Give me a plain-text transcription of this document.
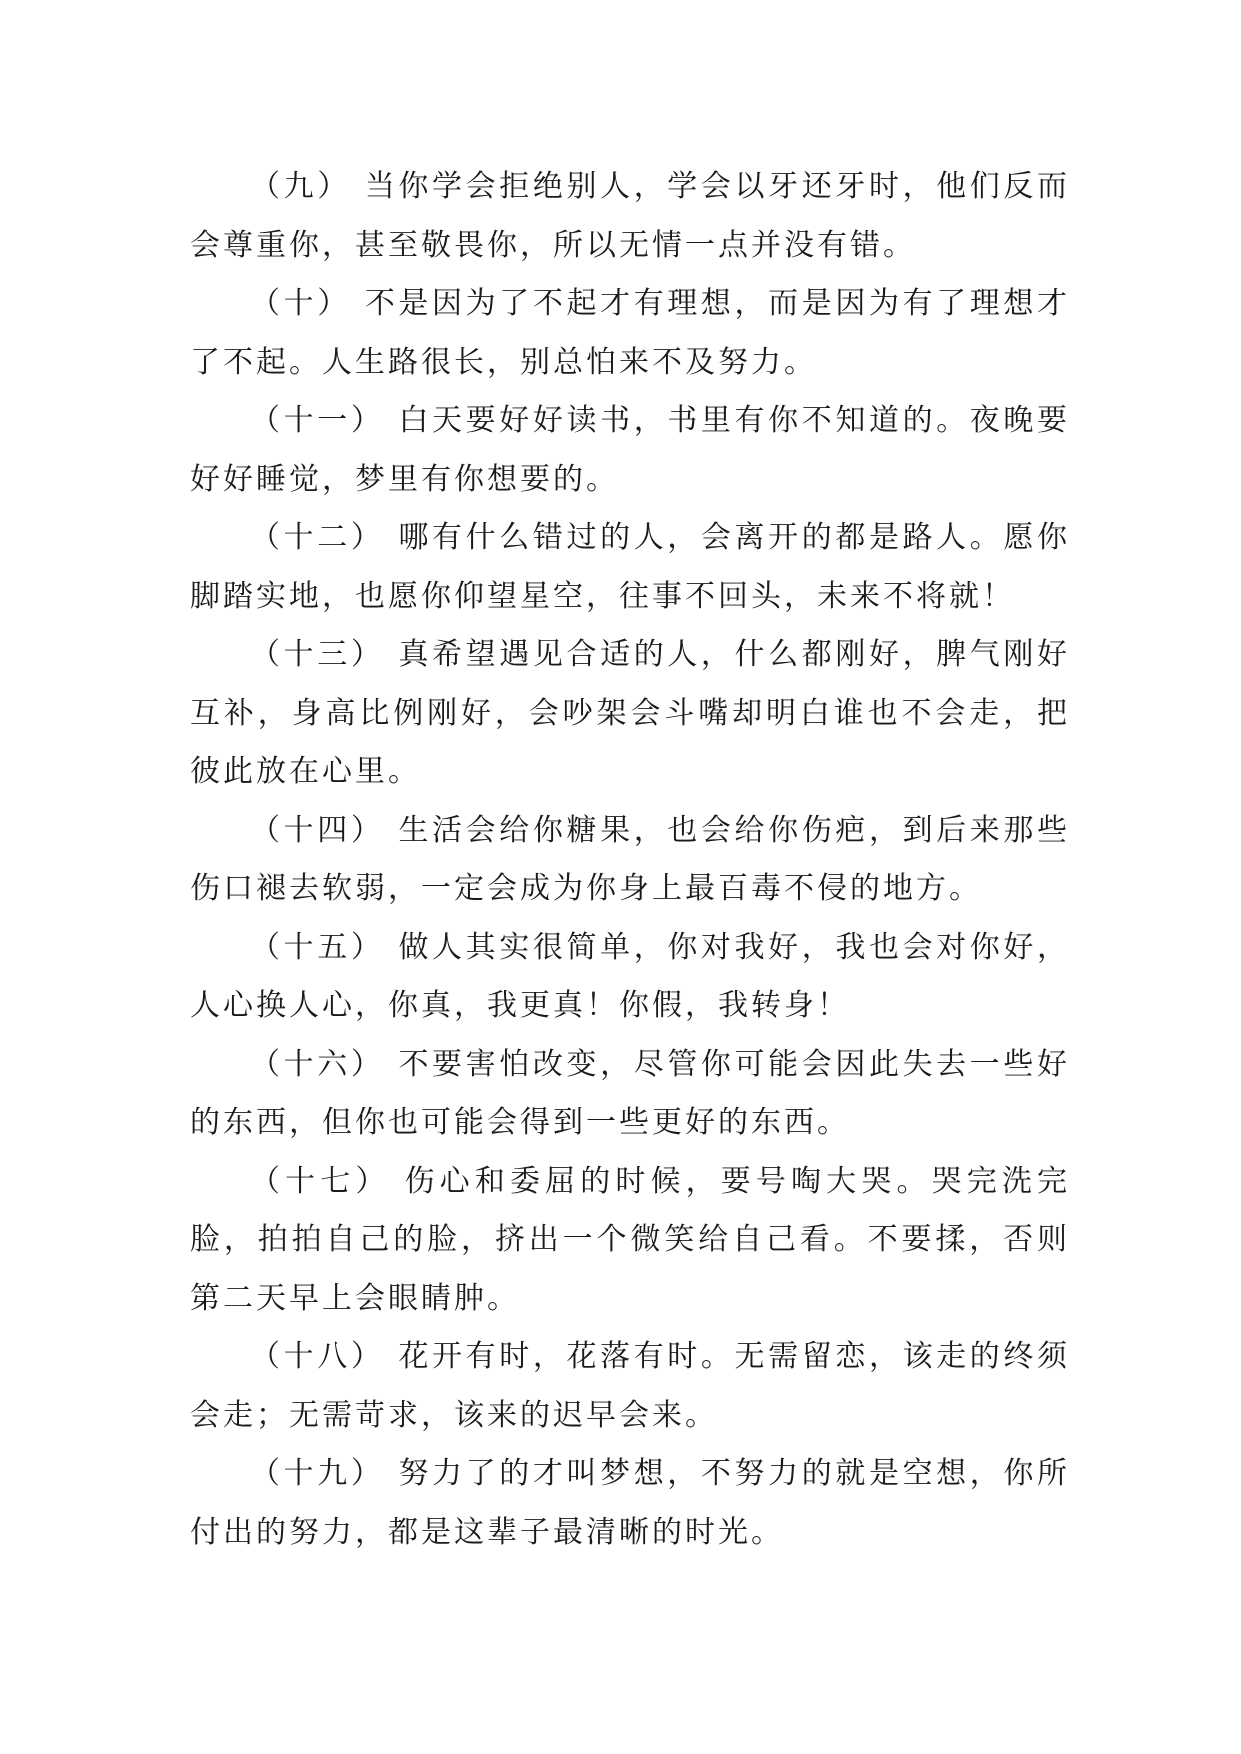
（九） 当你学会拒绝别人，学会以牙还牙时，他们反而会尊重你，甚至敬畏你，所以无情一点并没有错。

（十） 不是因为了不起才有理想，而是因为有了理想才了不起。人生路很长，别总怕来不及努力。

（十一） 白天要好好读书，书里有你不知道的。夜晚要好好睡觉，梦里有你想要的。

（十二） 哪有什么错过的人，会离开的都是路人。愿你脚踏实地，也愿你仰望星空，往事不回头，未来不将就！

（十三） 真希望遇见合适的人，什么都刚好，脾气刚好互补，身高比例刚好，会吵架会斗嘴却明白谁也不会走，把彼此放在心里。

（十四） 生活会给你糖果，也会给你伤疤，到后来那些伤口褪去软弱，一定会成为你身上最百毒不侵的地方。

（十五） 做人其实很简单，你对我好，我也会对你好，人心换人心，你真，我更真！你假，我转身！

（十六） 不要害怕改变，尽管你可能会因此失去一些好的东西，但你也可能会得到一些更好的东西。

（十七） 伤心和委屈的时候，要号啕大哭。哭完洗完脸，拍拍自己的脸，挤出一个微笑给自己看。不要揉，否则第二天早上会眼睛肿。

（十八） 花开有时，花落有时。无需留恋，该走的终须会走；无需苛求，该来的迟早会来。

（十九） 努力了的才叫梦想，不努力的就是空想，你所付出的努力，都是这辈子最清晰的时光。
